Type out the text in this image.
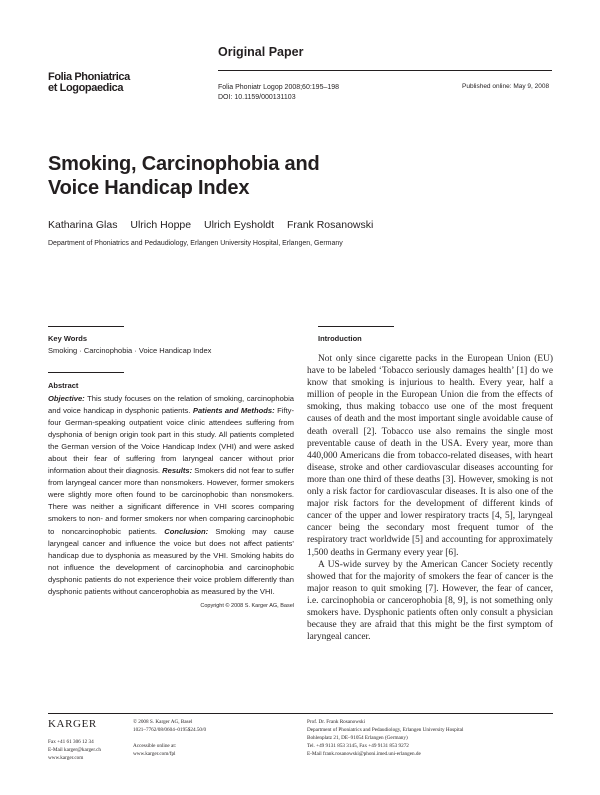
Original Paper
Folia Phoniatrica
et Logopaedica	Folia Phoniatr Logop 2008;60:195–198
DOI: 10.1159/000131103
Published online: May 9, 2008
Smoking, Carcinophobia and
Voice Handicap Index
Katharina Glas Ulrich Hoppe Ulrich Eysholdt Frank Rosanowski
Department of Phoniatrics and Pedaudiology, Erlangen University Hospital, Erlangen, Germany
Key Words
Smoking · Carcinophobia · Voice Handicap Index
Abstract
Objective: This study focuses on the relation of smoking, carcinophobia and voice handicap in dysphonic patients. Patients and Methods: Fifty-four German-speaking outpatient voice clinic attendees suffering from dysphonia of benign origin took part in this study. All patients completed the German version of the Voice Handicap Index (VHI) and were asked about their fear of suffering from laryngeal cancer without prior information about their diagnosis. Results: Smokers did not fear to suffer from laryngeal cancer more than nonsmokers. However, former smokers were slightly more often found to be carcinophobic than nonsmokers. There was neither a significant difference in VHI scores comparing smokers to non- and former smokers nor when comparing carcinophobic to noncarcinophobic patients. Conclusion: Smoking may cause laryngeal cancer and influence the voice but does not affect patients’ handicap due to dysphonia as measured by the VHI. Smoking habits do not influence the development of carcinophobia and carcinophobic dysphonic patients do not experience their voice problem differently than dysphonic patients without cancerophobia as measured by the VHI.
Copyright © 2008 S. Karger AG, Basel
Introduction

Not only since cigarette packs in the European Union (EU) have to be labeled ‘Tobacco seriously damages health’ [1] do we know that smoking is injurious to health. Every year, half a million of people in the European Union die from the effects of smoking, thus making tobacco use one of the most frequent causes of death and the most important single avoidable cause of death overall [2]. Tobacco use also remains the single most preventable cause of death in the USA. Every year, more than 440,000 Americans die from tobacco-related diseases, with heart disease, stroke and other cardiovascular diseases accounting for more than one third of these deaths [3]. However, smoking is not only a risk factor for cardiovascular diseases. It is also one of the major risk factors for the development of different kinds of cancer of the upper and lower respiratory tracts [4, 5], laryngeal cancer being the secondary most frequent tumor of the respiratory tract worldwide [5] and accounting for approximately 1,500 deaths in Germany every year [6].

A US-wide survey by the American Cancer Society recently showed that for the majority of smokers the fear of cancer is the major reason to quit smoking [7]. However, the fear of cancer, i.e. carcinophobia or cancerophobia [8, 9], is not something only smokers have. Dysphonic patients often only consult a physician because they are afraid that this might be the first symptom of laryngeal cancer.

KARGER
Fax +41 61 306 12 34
E-Mail karger@karger.ch
www.karger.com
© 2008 S. Karger AG, Basel
1021–7762/08/0604–0195$24.50/0

Accessible online at:
www.karger.com/fpl
Prof. Dr. Frank Rosanowski
Department of Phoniatrics and Pedaudiology, Erlangen University Hospital
Bohlenplatz 21, DE–91054 Erlangen (Germany)
Tel. +49 9131 853 3145, Fax +49 9131 853 9272
E-Mail frank.rosanowski@phoni.imed.uni-erlangen.de
